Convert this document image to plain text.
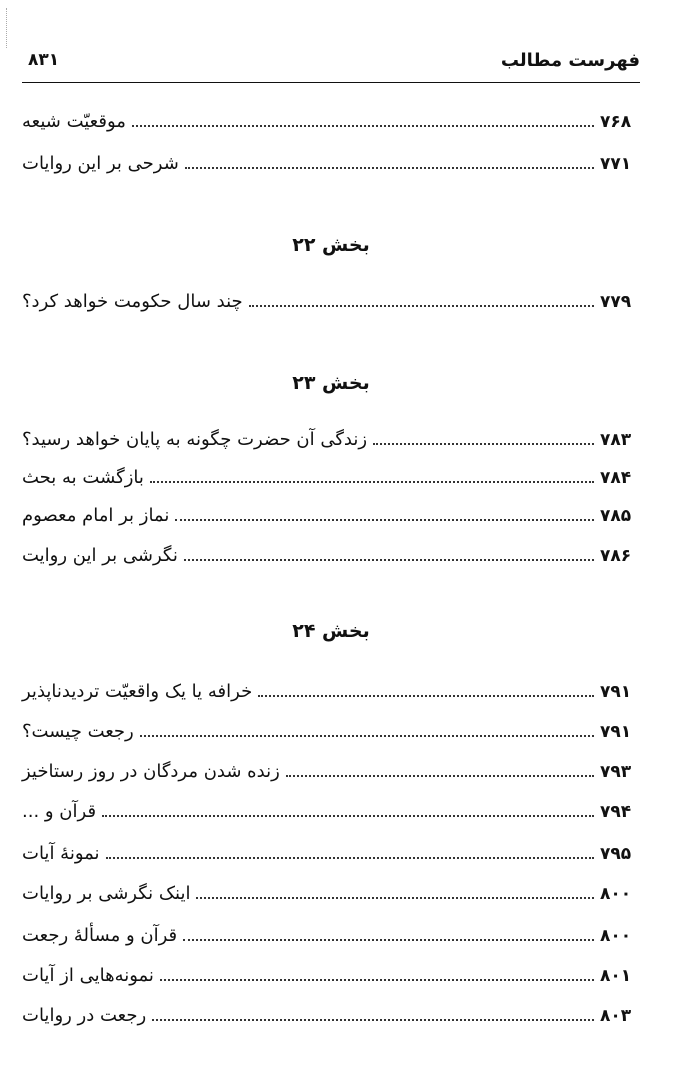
فهرست مطالب
۸۳۱
موقعیّت شیعه	۷۶۸
شرحی بر این روایات	۷۷۱
بخش ۲۲
چند سال حکومت خواهد کرد؟	۷۷۹
بخش ۲۳
زندگی آن حضرت چگونه به پایان خواهد رسید؟	۷۸۳
بازگشت به بحث	۷۸۴
نماز بر امام معصوم	۷۸۵
نگرشی بر این روایت	۷۸۶
بخش ۲۴
خرافه یا یک واقعیّت تردیدناپذیر	۷۹۱
رجعت چیست؟	۷۹۱
زنده شدن مردگان در روز رستاخیز	۷۹۳
قرآن و ...	۷۹۴
نمونهٔ آیات	۷۹۵
اینک نگرشی بر روایات	۸۰۰
قرآن و مسألهٔ رجعت	۸۰۰
نمونه‌هایی از آیات	۸۰۱
رجعت در روایات	۸۰۳
